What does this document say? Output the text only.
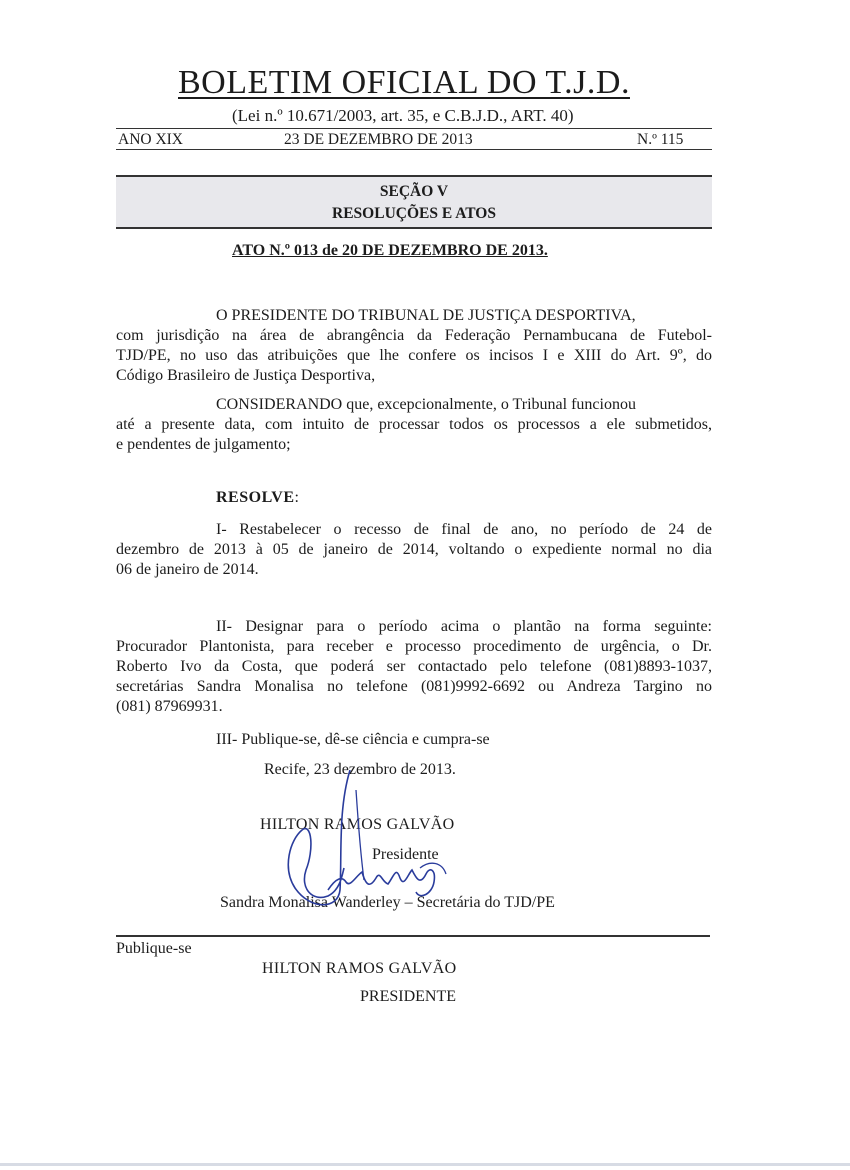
BOLETIM OFICIAL DO T.J.D.
(Lei n.º 10.671/2003, art. 35, e C.B.J.D., ART. 40)
ANO XIX	23 DE DEZEMBRO DE 2013	N.º 115
SEÇÃO V
RESOLUÇÕES E ATOS
ATO N.º 013 de 20 DE DEZEMBRO DE 2013.
O PRESIDENTE DO TRIBUNAL DE JUSTIÇA DESPORTIVA,
com jurisdição na área de abrangência da Federação Pernambucana de Futebol-
TJD/PE, no uso das atribuições que lhe confere os incisos I e XIII do Art. 9º, do
Código Brasileiro de Justiça Desportiva,
CONSIDERANDO que, excepcionalmente, o Tribunal funcionou
até a presente data, com intuito de processar todos os processos a ele submetidos,
e pendentes de julgamento;
RESOLVE:
I- Restabelecer o recesso de final de ano, no período de 24 de
dezembro de 2013 à 05 de janeiro de 2014, voltando o expediente normal no dia
06 de janeiro de 2014.
II- Designar para o período acima o plantão na forma seguinte:
Procurador Plantonista, para receber e processo procedimento de urgência, o Dr.
Roberto Ivo da Costa, que poderá ser contactado pelo telefone (081)8893-1037,
secretárias Sandra Monalisa no telefone (081)9992-6692 ou Andreza Targino no
(081) 87969931.
III- Publique-se, dê-se ciência e cumpra-se
Recife, 23 dezembro de 2013.
HILTON RAMOS GALVÃO
Presidente
Sandra Monalisa Wanderley – Secretária do TJD/PE
Publique-se
HILTON RAMOS GALVÃO
PRESIDENTE
